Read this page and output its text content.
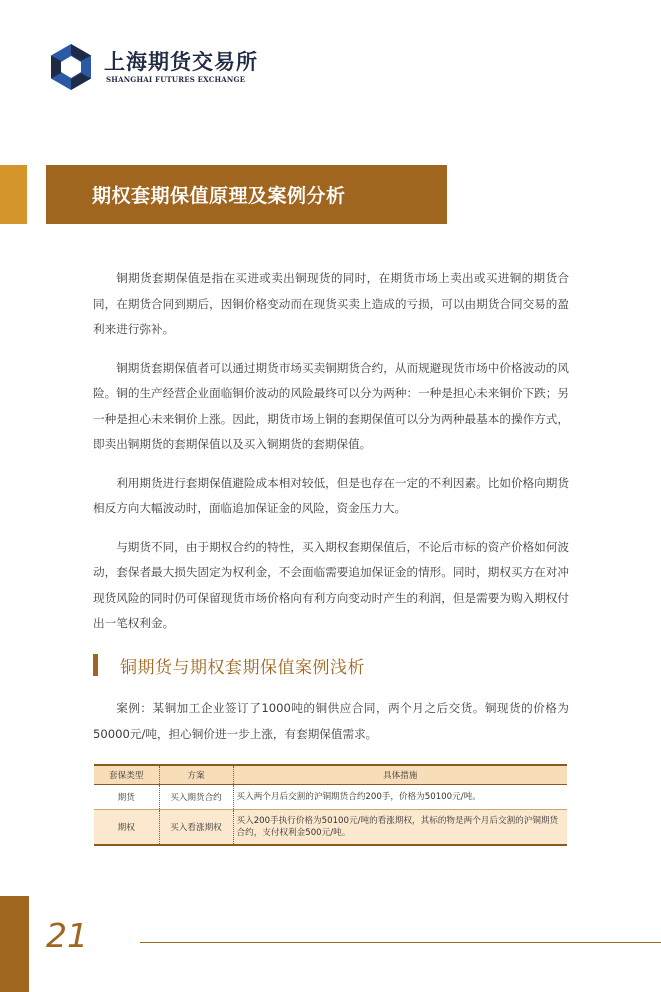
上海期货交易所
SHANGHAI FUTURES EXCHANGE
期权套期保值原理及案例分析

铜期货套期保值是指在买进或卖出铜现货的同时，在期货市场上卖出或买进铜的期货合同，在期货合同到期后，因铜价格变动而在现货买卖上造成的亏损，可以由期货合同交易的盈利来进行弥补。

铜期货套期保值者可以通过期货市场买卖铜期货合约，从而规避现货市场中价格波动的风险。铜的生产经营企业面临铜价波动的风险最终可以分为两种：一种是担心未来铜价下跌；另一种是担心未来铜价上涨。因此，期货市场上铜的套期保值可以分为两种最基本的操作方式，即卖出铜期货的套期保值以及买入铜期货的套期保值。

利用期货进行套期保值避险成本相对较低，但是也存在一定的不利因素。比如价格向期货相反方向大幅波动时，面临追加保证金的风险，资金压力大。

与期货不同，由于期权合约的特性，买入期权套期保值后，不论后市标的资产价格如何波动，套保者最大损失固定为权利金，不会面临需要追加保证金的情形。同时，期权买方在对冲现货风险的同时仍可保留现货市场价格向有利方向变动时产生的利润，但是需要为购入期权付出一笔权利金。

铜期货与期权套期保值案例浅析

案例：某铜加工企业签订了1000吨的铜供应合同，两个月之后交货。铜现货的价格为50000元/吨，担心铜价进一步上涨，有套期保值需求。

套保类型	方案	具体措施
期货	买入期货合约	买入两个月后交割的沪铜期货合约200手，价格为50100元/吨。
期权	买入看涨期权	买入200手执行价格为50100元/吨的看涨期权，其标的物是两个月后交割的沪铜期货合约，支付权利金500元/吨。
21
